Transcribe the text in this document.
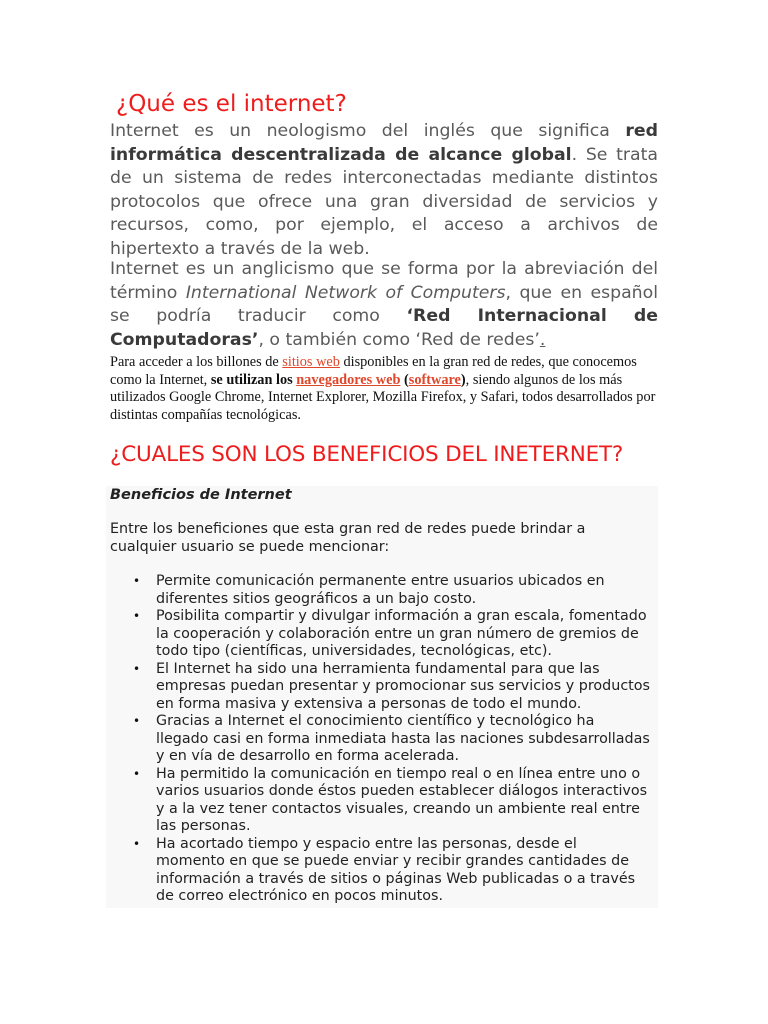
¿Qué es el internet?

Internet es un neologismo del inglés que significa red informática descentralizada de alcance global. Se trata de un sistema de redes interconectadas mediante distintos protocolos que ofrece una gran diversidad de servicios y recursos, como, por ejemplo, el acceso a archivos de hipertexto a través de la web.

Internet es un anglicismo que se forma por la abreviación del término International Network of Computers, que en español se podría traducir como ‘Red Internacional de Computadoras’, o también como ‘Red de redes’.

Para acceder a los billones de sitios web disponibles en la gran red de redes, que conocemos como la Internet, se utilizan los navegadores web (software), siendo algunos de los más utilizados Google Chrome, Internet Explorer, Mozilla Firefox, y Safari, todos desarrollados por distintas compañías tecnológicas.

¿CUALES SON LOS BENEFICIOS DEL INETERNET?

Beneficios de Internet

Entre los beneficiones que esta gran red de redes puede brindar a cualquier usuario se puede mencionar:

• Permite comunicación permanente entre usuarios ubicados en diferentes sitios geográficos a un bajo costo.
• Posibilita compartir y divulgar información a gran escala, fomentado la cooperación y colaboración entre un gran número de gremios de todo tipo (científicas, universidades, tecnológicas, etc).
• El Internet ha sido una herramienta fundamental para que las empresas puedan presentar y promocionar sus servicios y productos en forma masiva y extensiva a personas de todo el mundo.
• Gracias a Internet el conocimiento científico y tecnológico ha llegado casi en forma inmediata hasta las naciones subdesarrolladas y en vía de desarrollo en forma acelerada.
• Ha permitido la comunicación en tiempo real o en línea entre uno o varios usuarios donde éstos pueden establecer diálogos interactivos y a la vez tener contactos visuales, creando un ambiente real entre las personas.
• Ha acortado tiempo y espacio entre las personas, desde el momento en que se puede enviar y recibir grandes cantidades de información a través de sitios o páginas Web publicadas o a través de correo electrónico en pocos minutos.
